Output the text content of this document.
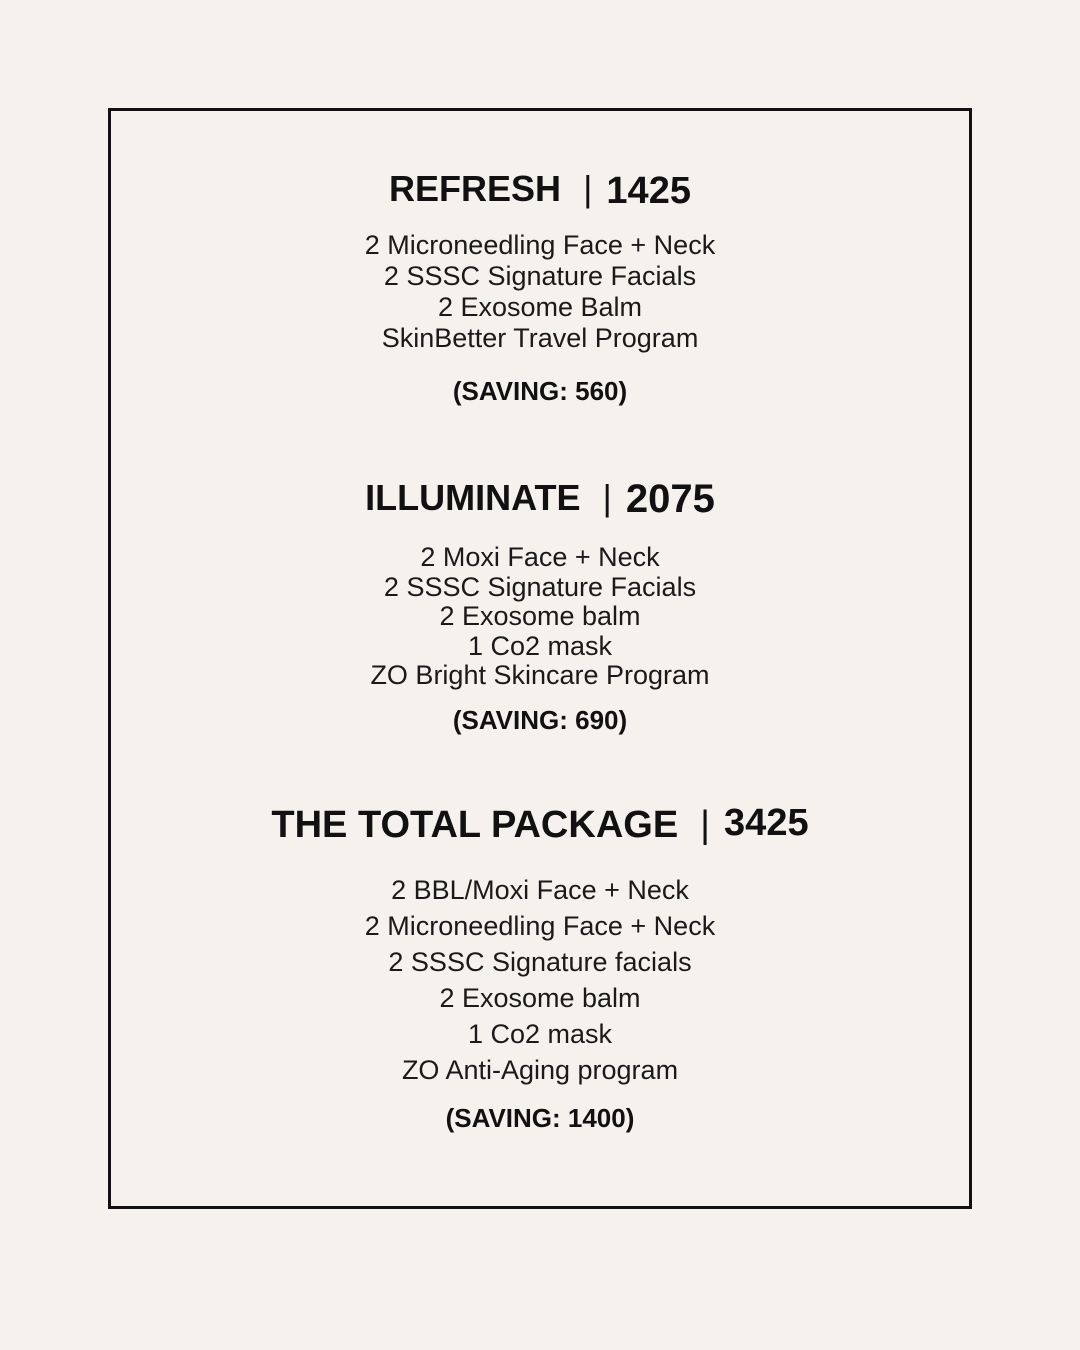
REFRESH | 1425
2 Microneedling Face + Neck
2 SSSC Signature Facials
2 Exosome Balm
SkinBetter Travel Program
(SAVING: 560)
ILLUMINATE | 2075
2 Moxi Face + Neck
2 SSSC Signature Facials
2 Exosome balm
1 Co2 mask
ZO Bright Skincare Program
(SAVING: 690)
THE TOTAL PACKAGE | 3425
2 BBL/Moxi Face + Neck
2 Microneedling Face + Neck
2 SSSC Signature facials
2 Exosome balm
1 Co2 mask
ZO Anti-Aging program
(SAVING: 1400)
